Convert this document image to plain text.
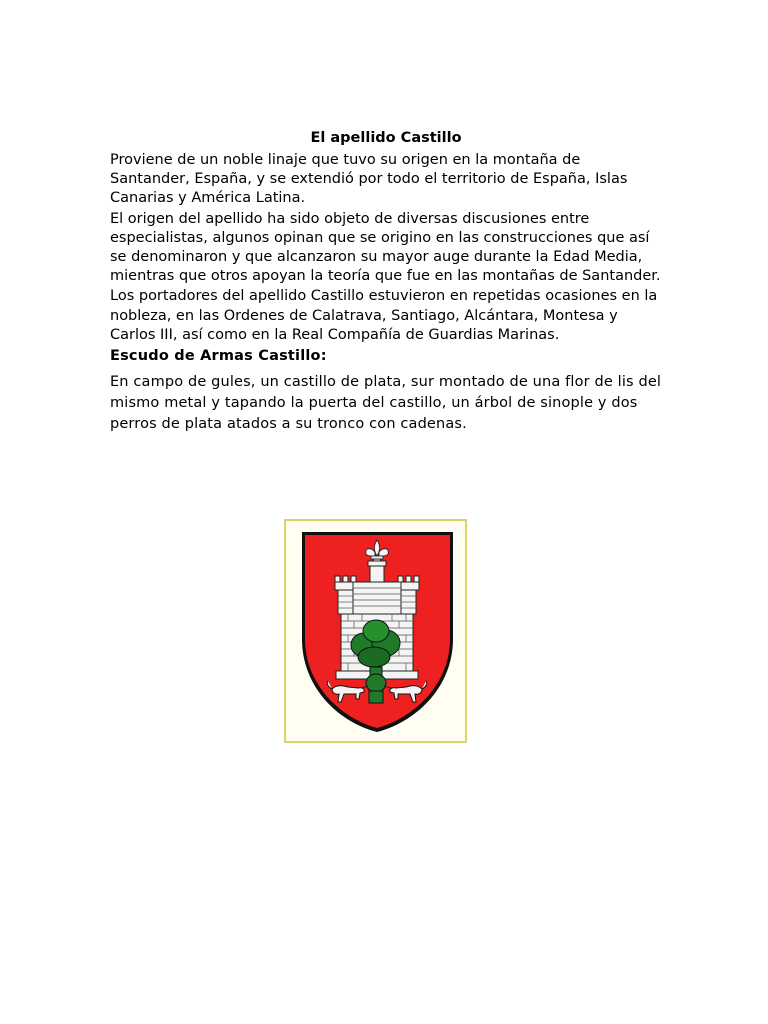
El apellido Castillo

Proviene de un noble linaje que tuvo su origen en la montaña de Santander, España, y se extendió por todo el territorio de España, Islas Canarias y América Latina.

El origen del apellido ha sido objeto de diversas discusiones entre especialistas, algunos opinan que se origino en las construcciones que así se denominaron y que alcanzaron su mayor auge durante la Edad Media, mientras que otros apoyan la teoría que fue en las montañas de Santander.

Los portadores del apellido Castillo estuvieron en repetidas ocasiones en la nobleza, en las Ordenes de Calatrava, Santiago, Alcántara, Montesa y Carlos III, así como en la Real Compañía de Guardias Marinas.

Escudo de Armas Castillo:

En campo de gules, un castillo de plata, sur montado de una flor de lis del mismo metal y tapando la puerta del castillo, un árbol de sinople y dos perros de plata atados a su tronco con cadenas.
